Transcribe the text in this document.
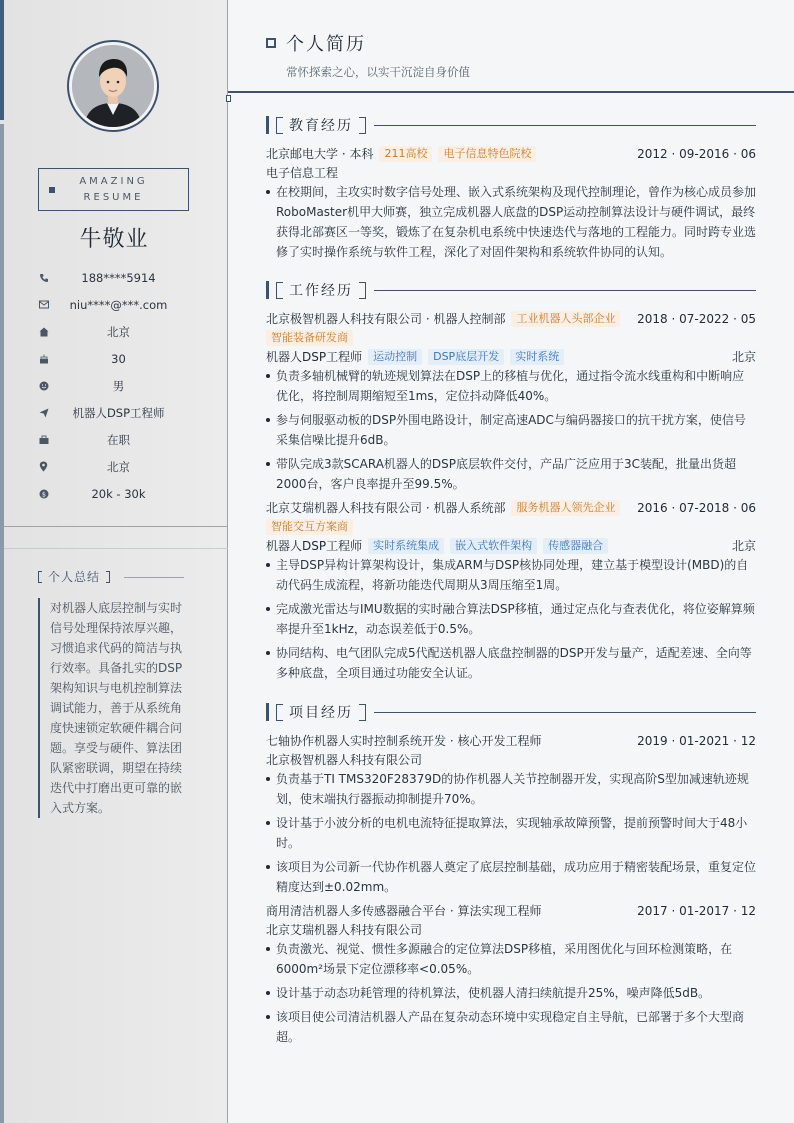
AMAZING
RESUME
牛敬业
188****5914
niu****@***.com
北京
30
男
机器人DSP工程师
在职
北京
$	20k - 30k
个人总结
对机器人底层控制与实时信号处理保持浓厚兴趣，习惯追求代码的简洁与执行效率。具备扎实的DSP架构知识与电机控制算法调试能力，善于从系统角度快速锁定软硬件耦合问题。享受与硬件、算法团队紧密联调，期望在持续迭代中打磨出更可靠的嵌入式方案。
个人简历
常怀探索之心，以实干沉淀自身价值
教育经历
北京邮电大学 · 本科	211高校	电子信息特色院校	2012 · 09-2016 · 06
电子信息工程
在校期间，主攻实时数字信号处理、嵌入式系统架构及现代控制理论，曾作为核心成员参加RoboMaster机甲大师赛，独立完成机器人底盘的DSP运动控制算法设计与硬件调试，最终获得北部赛区一等奖，锻炼了在复杂机电系统中快速迭代与落地的工程能力。同时跨专业选修了实时操作系统与软件工程，深化了对固件架构和系统软件协同的认知。
工作经历
北京极智机器人科技有限公司 · 机器人控制部	工业机器人头部企业	2018 · 07-2022 · 05
智能装备研发商
机器人DSP工程师	运动控制	DSP底层开发	实时系统	北京
负责多轴机械臂的轨迹规划算法在DSP上的移植与优化，通过指令流水线重构和中断响应优化，将控制周期缩短至1ms，定位抖动降低40%。
参与伺服驱动板的DSP外围电路设计，制定高速ADC与编码器接口的抗干扰方案，使信号采集信噪比提升6dB。
带队完成3款SCARA机器人的DSP底层软件交付，产品广泛应用于3C装配，批量出货超2000台，客户良率提升至99.5%。
北京艾瑞机器人科技有限公司 · 机器人系统部	服务机器人领先企业	2016 · 07-2018 · 06
智能交互方案商
机器人DSP工程师	实时系统集成	嵌入式软件架构	传感器融合	北京
主导DSP异构计算架构设计，集成ARM与DSP核协同处理，建立基于模型设计(MBD)的自动代码生成流程，将新功能迭代周期从3周压缩至1周。
完成激光雷达与IMU数据的实时融合算法DSP移植，通过定点化与查表优化，将位姿解算频率提升至1kHz，动态误差低于0.5%。
协同结构、电气团队完成5代配送机器人底盘控制器的DSP开发与量产，适配差速、全向等多种底盘，全项目通过功能安全认证。
项目经历
七轴协作机器人实时控制系统开发 · 核心开发工程师	2019 · 01-2021 · 12
北京极智机器人科技有限公司
负责基于TI TMS320F28379D的协作机器人关节控制器开发，实现高阶S型加减速轨迹规划，使末端执行器振动抑制提升70%。
设计基于小波分析的电机电流特征提取算法，实现轴承故障预警，提前预警时间大于48小时。
该项目为公司新一代协作机器人奠定了底层控制基础，成功应用于精密装配场景，重复定位精度达到±0.02mm。
商用清洁机器人多传感器融合平台 · 算法实现工程师	2017 · 01-2017 · 12
北京艾瑞机器人科技有限公司
负责激光、视觉、惯性多源融合的定位算法DSP移植，采用图优化与回环检测策略，在6000m²场景下定位漂移率<0.05%。
设计基于动态功耗管理的待机算法，使机器人清扫续航提升25%，噪声降低5dB。
该项目使公司清洁机器人产品在复杂动态环境中实现稳定自主导航，已部署于多个大型商超。
